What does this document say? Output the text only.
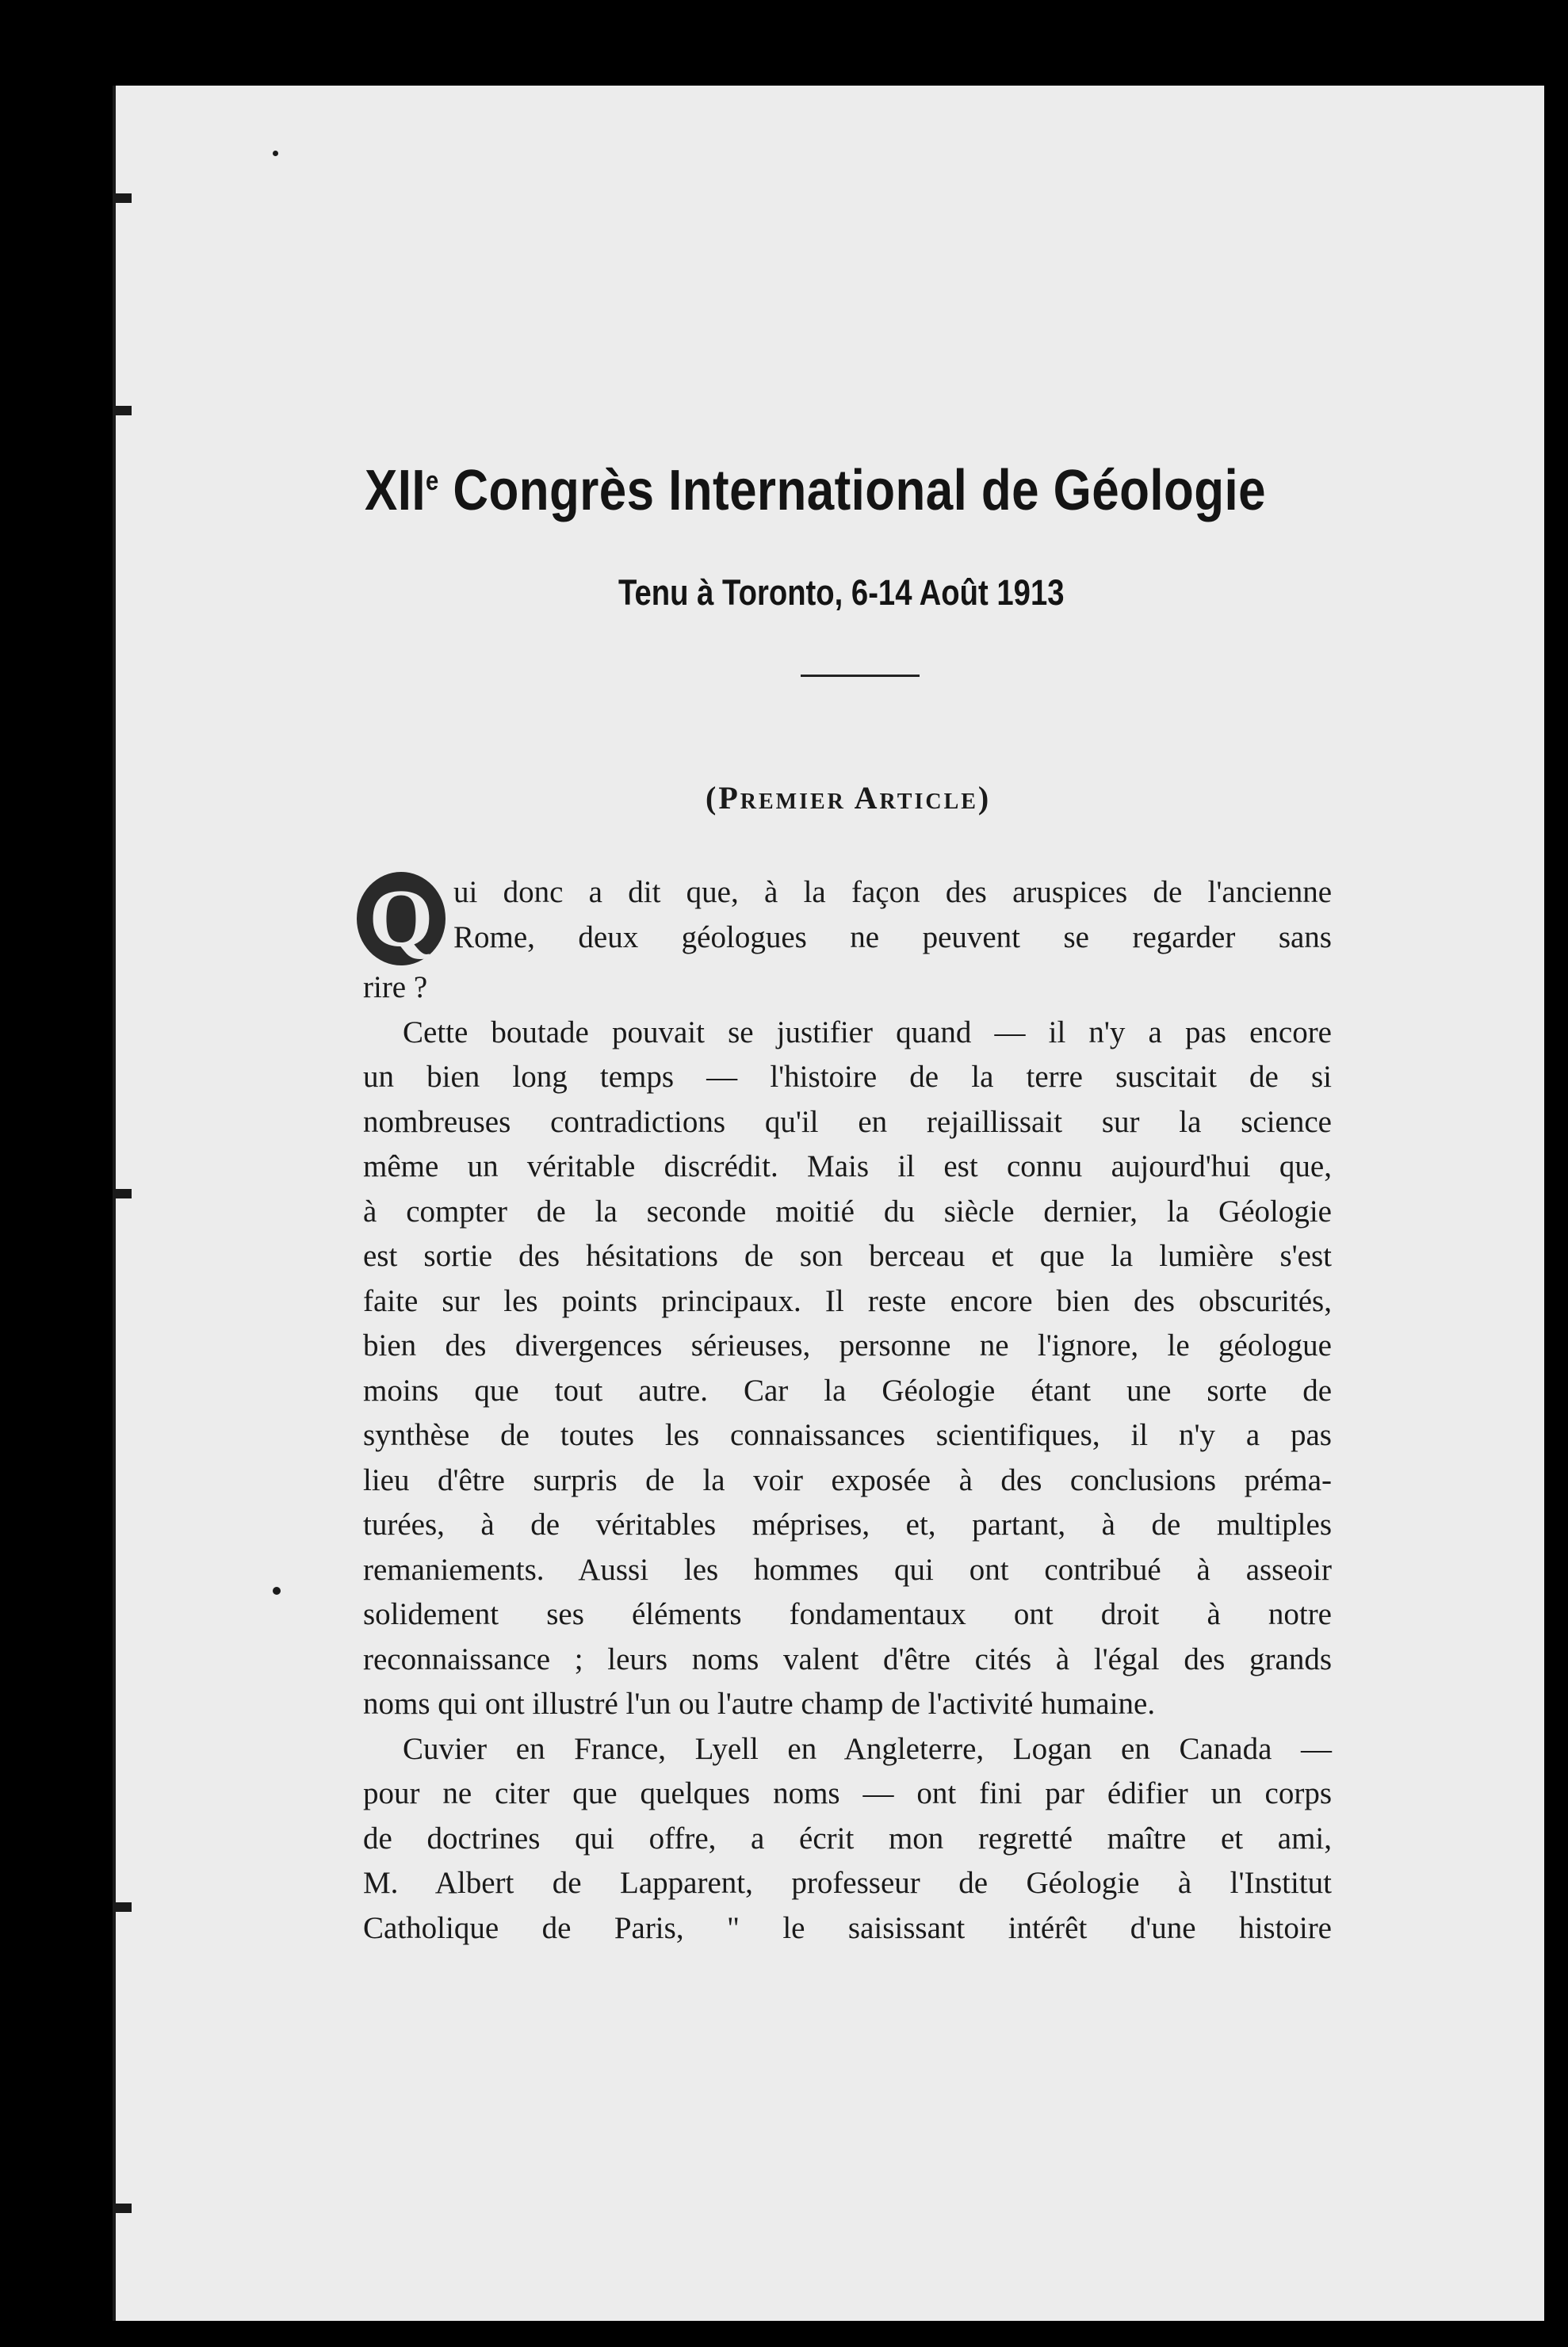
XIIe Congrès International de Géologie
Tenu à Toronto, 6-14 Août 1913
(Premier Article)

Q ui donc a dit que, à la façon des aruspices de l'ancienne
Rome, deux géologues ne peuvent se regarder sans
rire ?

Cette boutade pouvait se justifier quand — il n'y a pas encore
un bien long temps — l'histoire de la terre suscitait de si
nombreuses contradictions qu'il en rejaillissait sur la science
même un véritable discrédit. Mais il est connu aujourd'hui que,
à compter de la seconde moitié du siècle dernier, la Géologie
est sortie des hésitations de son berceau et que la lumière s'est
faite sur les points principaux. Il reste encore bien des obscurités,
bien des divergences sérieuses, personne ne l'ignore, le géologue
moins que tout autre. Car la Géologie étant une sorte de
synthèse de toutes les connaissances scientifiques, il n'y a pas
lieu d'être surpris de la voir exposée à des conclusions préma-
turées, à de véritables méprises, et, partant, à de multiples
remaniements. Aussi les hommes qui ont contribué à asseoir
solidement ses éléments fondamentaux ont droit à notre
reconnaissance ; leurs noms valent d'être cités à l'égal des grands
noms qui ont illustré l'un ou l'autre champ de l'activité humaine.

Cuvier en France, Lyell en Angleterre, Logan en Canada —
pour ne citer que quelques noms — ont fini par édifier un corps
de doctrines qui offre, a écrit mon regretté maître et ami,
M. Albert de Lapparent, professeur de Géologie à l'Institut
Catholique de Paris, " le saisissant intérêt d'une histoire
